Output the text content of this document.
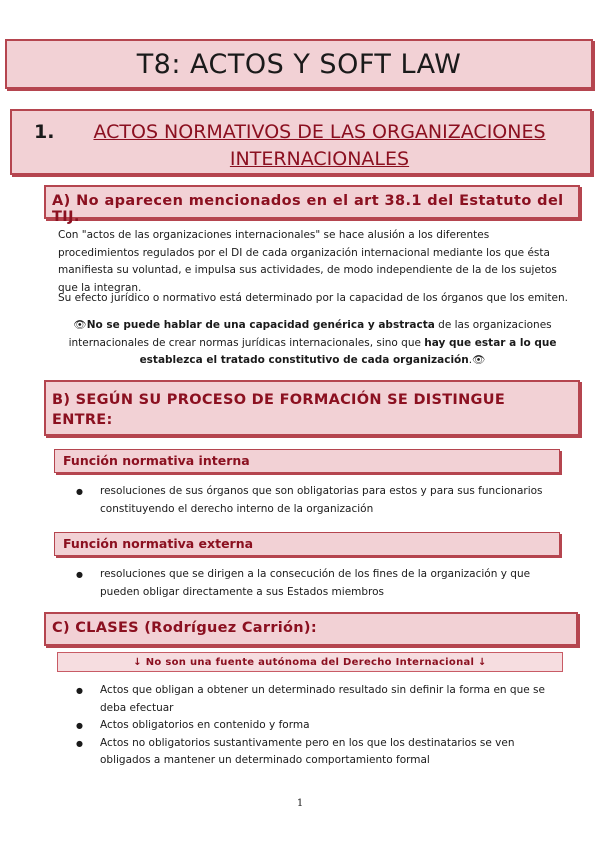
T8: ACTOS Y SOFT LAW
1.	ACTOS NORMATIVOS DE LAS ORGANIZACIONES
INTERNACIONALES
A) No aparecen mencionados en el art 38.1 del Estatuto del TIJ.
Con "actos de las organizaciones internacionales" se hace alusión a los diferentes procedimientos regulados por el DI de cada organización internacional mediante los que ésta manifiesta su voluntad, e impulsa sus actividades, de modo independiente de la de los sujetos que la integran.
Su efecto jurídico o normativo está determinado por la capacidad de los órganos que los emiten.
👁No se puede hablar de una capacidad genérica y abstracta de las organizaciones internacionales de crear normas jurídicas internacionales, sino que hay que estar a lo que establezca el tratado constitutivo de cada organización.👁
B) SEGÚN SU PROCESO DE FORMACIÓN SE DISTINGUE ENTRE:
Función normativa interna
● resoluciones de sus órganos que son obligatorias para estos y para sus funcionarios constituyendo el derecho interno de la organización
Función normativa externa
● resoluciones que se dirigen a la consecución de los fines de la organización y que pueden obligar directamente a sus Estados miembros
C) CLASES (Rodríguez Carrión):
↓ No son una fuente autónoma del Derecho Internacional ↓
● Actos que obligan a obtener un determinado resultado sin definir la forma en que se deba efectuar
● Actos obligatorios en contenido y forma
● Actos no obligatorios sustantivamente pero en los que los destinatarios se ven obligados a mantener un determinado comportamiento formal
1
